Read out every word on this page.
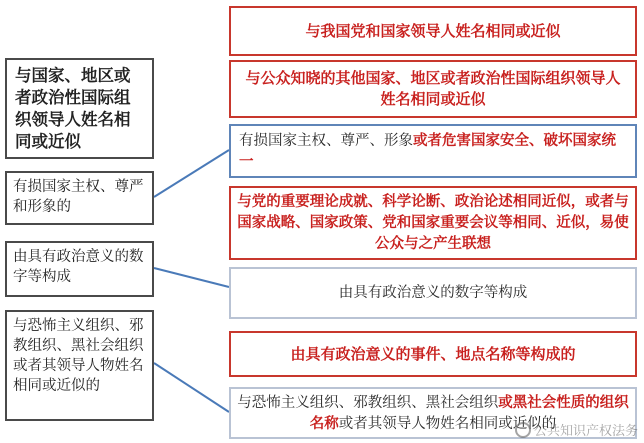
与国家、地区或者政治性国际组织领导人姓名相同或近似
有损国家主权、尊严和形象的
由具有政治意义的数字等构成
与恐怖主义组织、邪教组织、黑社会组织或者其领导人物姓名相同或近似的
与我国党和国家领导人姓名相同或近似
与公众知晓的其他国家、地区或者政治性国际组织领导人姓名相同或近似
有损国家主权、尊严、形象或者危害国家安全、破坏国家统一
与党的重要理论成就、科学论断、政治论述相同近似，或者与国家战略、国家政策、党和国家重要会议等相同、近似，易使公众与之产生联想
由具有政治意义的数字等构成
由具有政治意义的事件、地点名称等构成的
与恐怖主义组织、邪教组织、黑社会组织或黑社会性质的组织名称或者其领导人物姓名相同或近似的
公共知识产权法务
